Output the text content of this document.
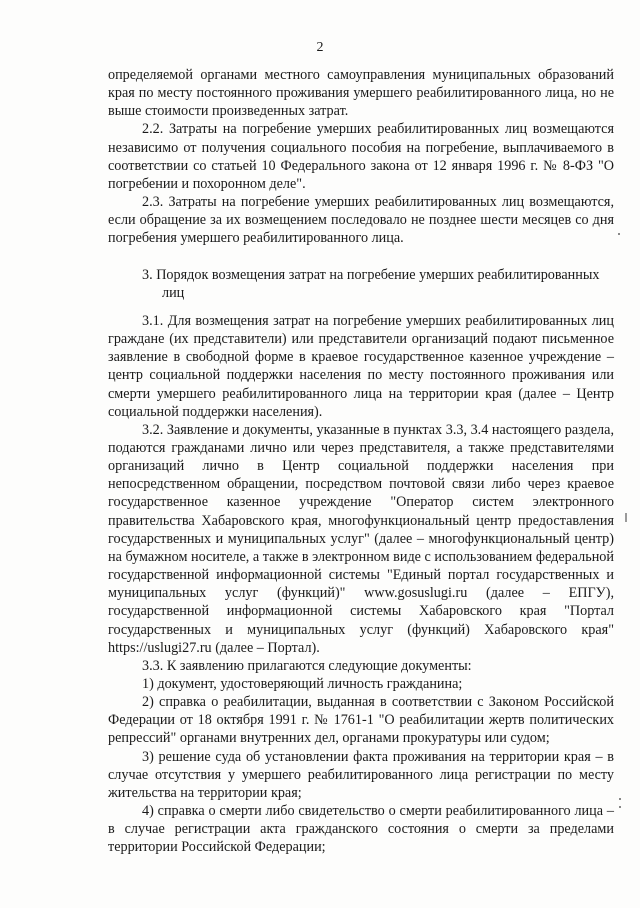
2

определяемой органами местного самоуправления муниципальных образований края по месту постоянного проживания умершего реабилитированного лица, но не выше стоимости произведенных затрат.

2.2. Затраты на погребение умерших реабилитированных лиц возмещаются независимо от получения социального пособия на погребение, выплачиваемого в соответствии со статьей 10 Федерального закона от 12 января 1996 г. № 8-ФЗ "О погребении и похоронном деле".

2.3. Затраты на погребение умерших реабилитированных лиц возмещаются, если обращение за их возмещением последовало не позднее шести месяцев со дня погребения умершего реабилитированного лица.

3. Порядок возмещения затрат на погребение умерших реабилитированных
лиц

3.1. Для возмещения затрат на погребение умерших реабилитированных лиц граждане (их представители) или представители организаций подают письменное заявление в свободной форме в краевое государственное казенное учреждение – центр социальной поддержки населения по месту постоянного проживания или смерти умершего реабилитированного лица на территории края (далее – Центр социальной поддержки населения).

3.2. Заявление и документы, указанные в пунктах 3.3, 3.4 настоящего раздела, подаются гражданами лично или через представителя, а также представителями организаций лично в Центр социальной поддержки населения при непосредственном обращении, посредством почтовой связи либо через краевое государственное казенное учреждение "Оператор систем электронного правительства Хабаровского края, многофункциональный центр предоставления государственных и муниципальных услуг" (далее – многофункциональный центр) на бумажном носителе, а также в электронном виде с использованием федеральной государственной информационной системы "Единый портал государственных и муниципальных услуг (функций)" www.gosuslugi.ru (далее – ЕПГУ), государственной информационной системы Хабаровского края "Портал государственных и муниципальных услуг (функций) Хабаровского края" https://uslugi27.ru (далее – Портал).

3.3. К заявлению прилагаются следующие документы:

1) документ, удостоверяющий личность гражданина;

2) справка о реабилитации, выданная в соответствии с Законом Российской Федерации от 18 октября 1991 г. № 1761-1 "О реабилитации жертв политических репрессий" органами внутренних дел, органами прокуратуры или судом;

3) решение суда об установлении факта проживания на территории края – в случае отсутствия у умершего реабилитированного лица регистрации по месту жительства на территории края;

4) справка о смерти либо свидетельство о смерти реабилитированного лица – в случае регистрации акта гражданского состояния о смерти за пределами территории Российской Федерации;
